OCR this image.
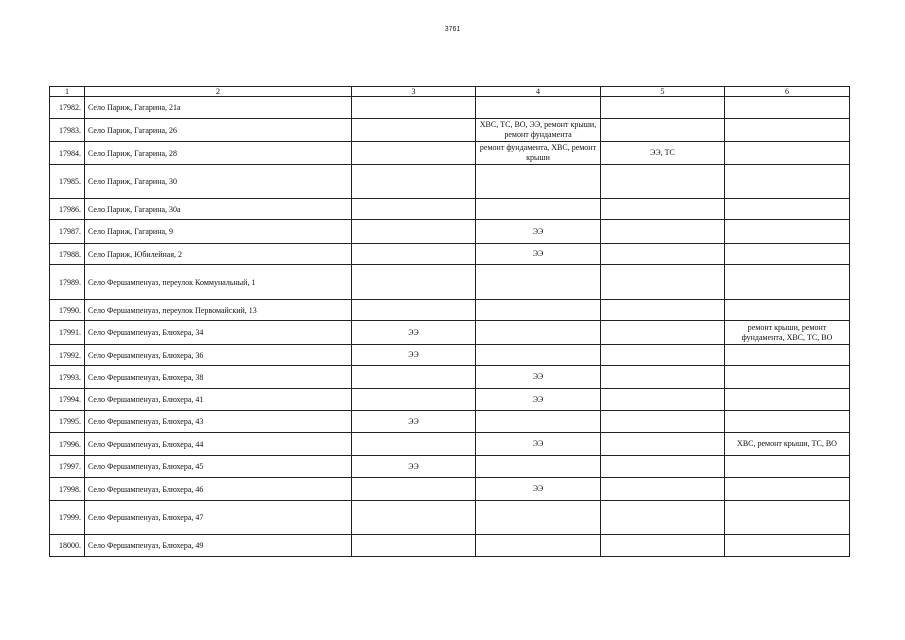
3761
1	2	3	4	5	6
17982.	Село Париж, Гагарина, 21а				
17983.	Село Париж, Гагарина, 26		ХВС, ТС, ВО, ЭЭ, ремонт крыши, ремонт фундамента		
17984.	Село Париж, Гагарина, 28		ремонт фундамента, ХВС, ремонт крыши	ЭЭ, ТС	
17985.	Село Париж, Гагарина, 30				
17986.	Село Париж, Гагарина, 30а				
17987.	Село Париж, Гагарина, 9		ЭЭ		
17988.	Село Париж, Юбилейная, 2		ЭЭ		
17989.	Село Фершампенуаз, переулок Коммунальный, 1				
17990.	Село Фершампенуаз, переулок Первомайский, 13				
17991.	Село Фершампенуаз, Блюхера, 34	ЭЭ			ремонт крыши, ремонт фундамента, ХВС, ТС, ВО
17992.	Село Фершампенуаз, Блюхера, 36	ЭЭ			
17993.	Село Фершампенуаз, Блюхера, 38		ЭЭ		
17994.	Село Фершампенуаз, Блюхера, 41		ЭЭ		
17995.	Село Фершампенуаз, Блюхера, 43	ЭЭ			
17996.	Село Фершампенуаз, Блюхера, 44		ЭЭ		ХВС, ремонт крыши, ТС, ВО
17997.	Село Фершампенуаз, Блюхера, 45	ЭЭ			
17998.	Село Фершампенуаз, Блюхера, 46		ЭЭ		
17999.	Село Фершампенуаз, Блюхера, 47				
18000.	Село Фершампенуаз, Блюхера, 49				
